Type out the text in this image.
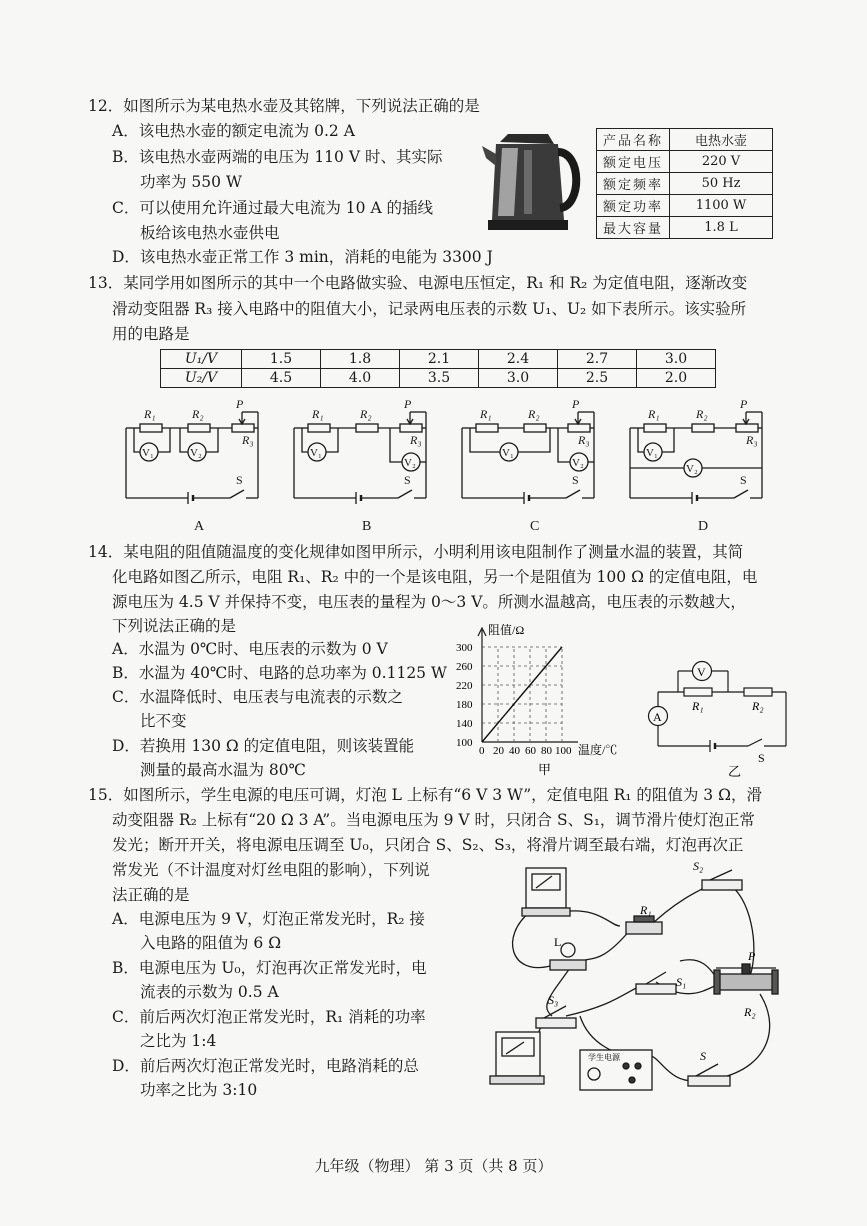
12．如图所示为某电热水壶及其铭牌，下列说法正确的是
A．该电热水壶的额定电流为 0.2 A
B．该电热水壶两端的电压为 110 V 时、其实际
功率为 550 W
C．可以使用允许通过最大电流为 10 A 的插线
板给该电热水壶供电
D．该电热水壶正常工作 3 min，消耗的电能为 3300 J
产品名称	电热水壶
额定电压	220 V
额定频率	50 Hz
额定功率	1100 W
最大容量	1.8 L
13．某同学用如图所示的其中一个电路做实验、电源电压恒定，R₁ 和 R₂ 为定值电阻，逐渐改变
滑动变阻器 R₃ 接入电路中的阻值大小，记录两电压表的示数 U₁、U₂ 如下表所示。该实验所
用的电路是
U₁/V	1.5	1.8	2.1	2.4	2.7	3.0
U₂/V	4.5	4.0	3.5	3.0	2.5	2.0
V₁	V₂
R₁	R₂
P
R₃
S
A
V₁
V₂
R₁	R₂
P
R₃
S
B
V₁
V₂
R₁	R₂
P
R₃
S
C
V₁
V₂
R₁	R₂
P
R₃
S
D
14．某电阻的阻值随温度的变化规律如图甲所示，小明利用该电阻制作了测量水温的装置，其简
化电路如图乙所示，电阻 R₁、R₂ 中的一个是该电阻，另一个是阻值为 100 Ω 的定值电阻，电
源电压为 4.5 V 并保持不变，电压表的量程为 0～3 V。所测水温越高，电压表的示数越大，
下列说法正确的是
A．水温为 0℃时、电压表的示数为 0 V
B．水温为 40℃时、电路的总功率为 0.1125 W
C．水温降低时、电压表与电流表的示数之
比不变
D．若换用 130 Ω 的定值电阻，则该装置能
测量的最高水温为 80℃
阻值/Ω
300
260
220
180
140
100
0 20 40 60 80 100 温度/℃
甲
V
A
R₁	R₂
S
乙
15．如图所示，学生电源的电压可调，灯泡 L 上标有“6 V 3 W”，定值电阻 R₁ 的阻值为 3 Ω，滑
动变阻器 R₂ 上标有“20 Ω 3 A”。当电源电压为 9 V 时，只闭合 S、S₁，调节滑片使灯泡正常
发光；断开开关，将电源电压调至 U₀，只闭合 S、S₂、S₃，将滑片调至最右端，灯泡再次正
常发光（不计温度对灯丝电阻的影响），下列说
法正确的是
A．电源电压为 9 V，灯泡正常发光时，R₂ 接
入电路的阻值为 6 Ω
B．电源电压为 U₀，灯泡再次正常发光时，电
流表的示数为 0.5 A
C．前后两次灯泡正常发光时，R₁ 消耗的功率
之比为 1:4
D．前后两次灯泡正常发光时，电路消耗的总
功率之比为 3:10
S₂
R₁
L
S₃
S₁
P
R₂
S
学生电源
九年级（物理） 第 3 页（共 8 页）
